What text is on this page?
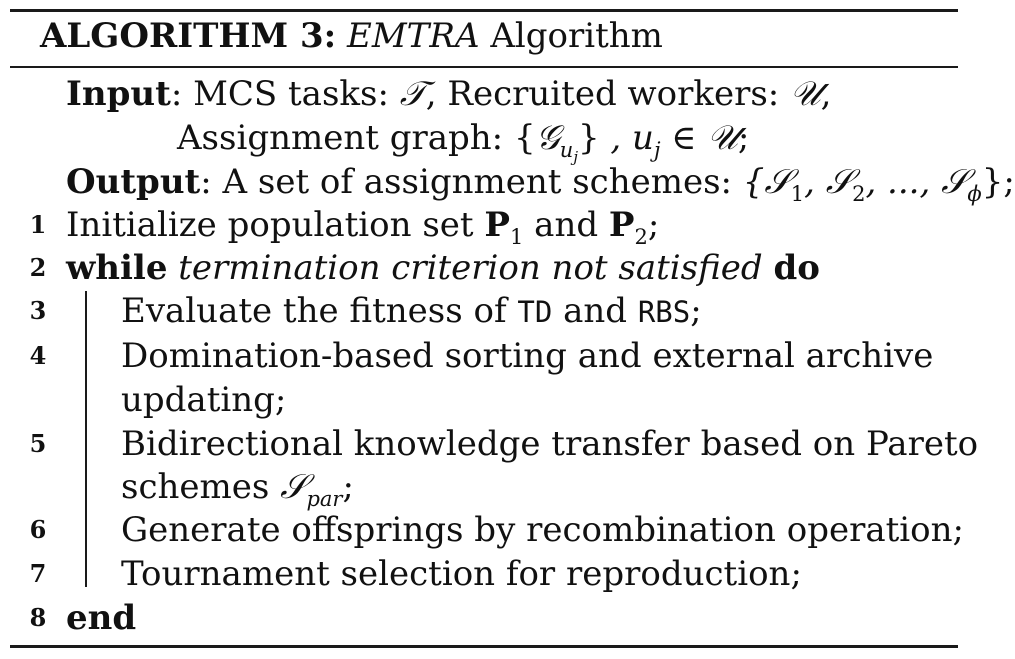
ALGORITHM 3: EMTRA Algorithm
Input: MCS tasks: 𝒯, Recruited workers: 𝒰,
Assignment graph: {𝒢$_{u_j}$} , $u_j$ ∈ 𝒰;
Output: A set of assignment schemes: {𝒮$_1$, 𝒮$_2$, ..., 𝒮$_\phi$};
1 Initialize population set $P_1$ and $P_2$;
2 while termination criterion not satisfied do
3 Evaluate the fitness of TD and RBS;
4 Domination-based sorting and external archive
updating;
5 Bidirectional knowledge transfer based on Pareto
schemes 𝒮$_{par}$;
6 Generate offsprings by recombination operation;
7 Tournament selection for reproduction;
8 end
